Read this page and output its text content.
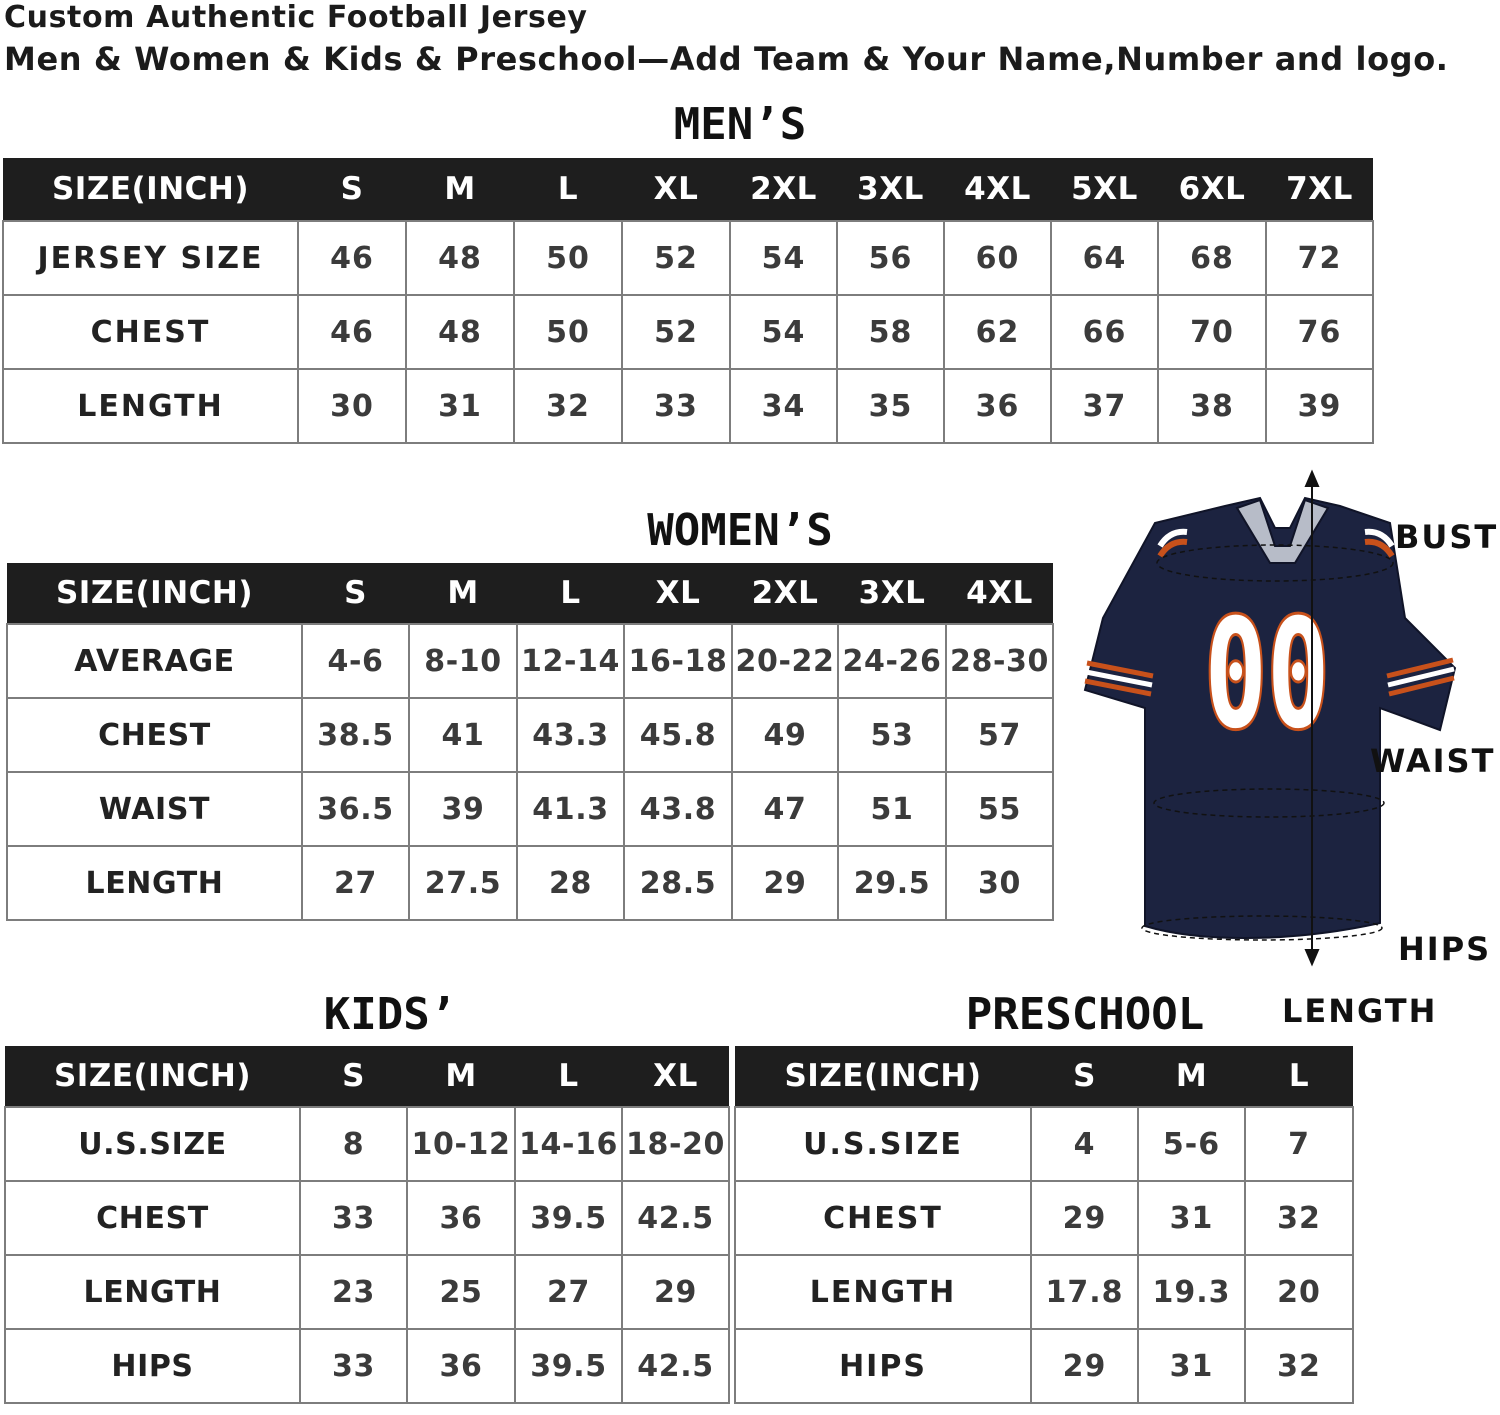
Custom Authentic Football Jersey

Men & Women & Kids & Preschool—Add Team & Your Name,Number and logo.

MEN’S
SIZE(INCH)	S	M	L	XL	2XL	3XL	4XL	5XL	6XL	7XL
JERSEY SIZE	46	48	50	52	54	56	60	64	68	72
CHEST	46	48	50	52	54	58	62	66	70	76
LENGTH	30	31	32	33	34	35	36	37	38	39
WOMEN’S
SIZE(INCH)	S	M	L	XL	2XL	3XL	4XL
AVERAGE	4-6	8-10	12-14	16-18	20-22	24-26	28-30
CHEST	38.5	41	43.3	45.8	49	53	57
WAIST	36.5	39	41.3	43.8	47	51	55
LENGTH	27	27.5	28	28.5	29	29.5	30
KIDS’
SIZE(INCH)	S	M	L	XL
U.S.SIZE	8	10-12	14-16	18-20
CHEST	33	36	39.5	42.5
LENGTH	23	25	27	29
HIPS	33	36	39.5	42.5
PRESCHOOL
SIZE(INCH)	S	M	L
U.S.SIZE	4	5-6	7
CHEST	29	31	32
LENGTH	17.8	19.3	20
HIPS	29	31	32
00

BUST

WAIST

HIPS

LENGTH
